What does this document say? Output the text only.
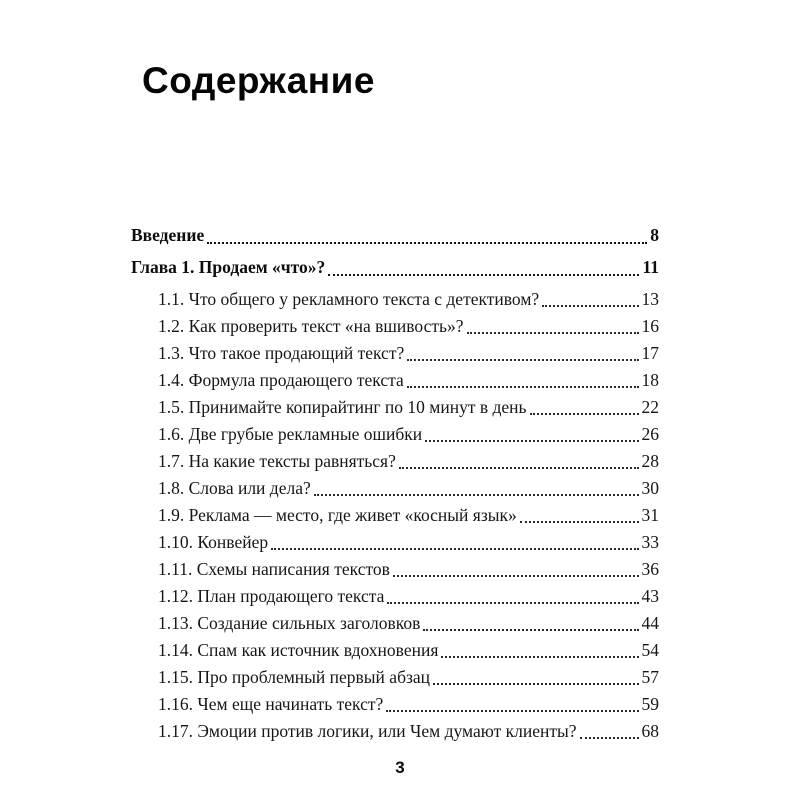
Содержание
Введение	8
Глава 1. Продаем «что»?	11
1.1. Что общего у рекламного текста с детективом?	13
1.2. Как проверить текст «на вшивость»?	16
1.3. Что такое продающий текст?	17
1.4. Формула продающего текста	18
1.5. Принимайте копирайтинг по 10 минут в день	22
1.6. Две грубые рекламные ошибки	26
1.7. На какие тексты равняться?	28
1.8. Слова или дела?	30
1.9. Реклама — место, где живет «косный язык»	31
1.10. Конвейер	33
1.11. Схемы написания текстов	36
1.12. План продающего текста	43
1.13. Создание сильных заголовков	44
1.14. Спам как источник вдохновения	54
1.15. Про проблемный первый абзац	57
1.16. Чем еще начинать текст?	59
1.17. Эмоции против логики, или Чем думают клиенты?	68
3
